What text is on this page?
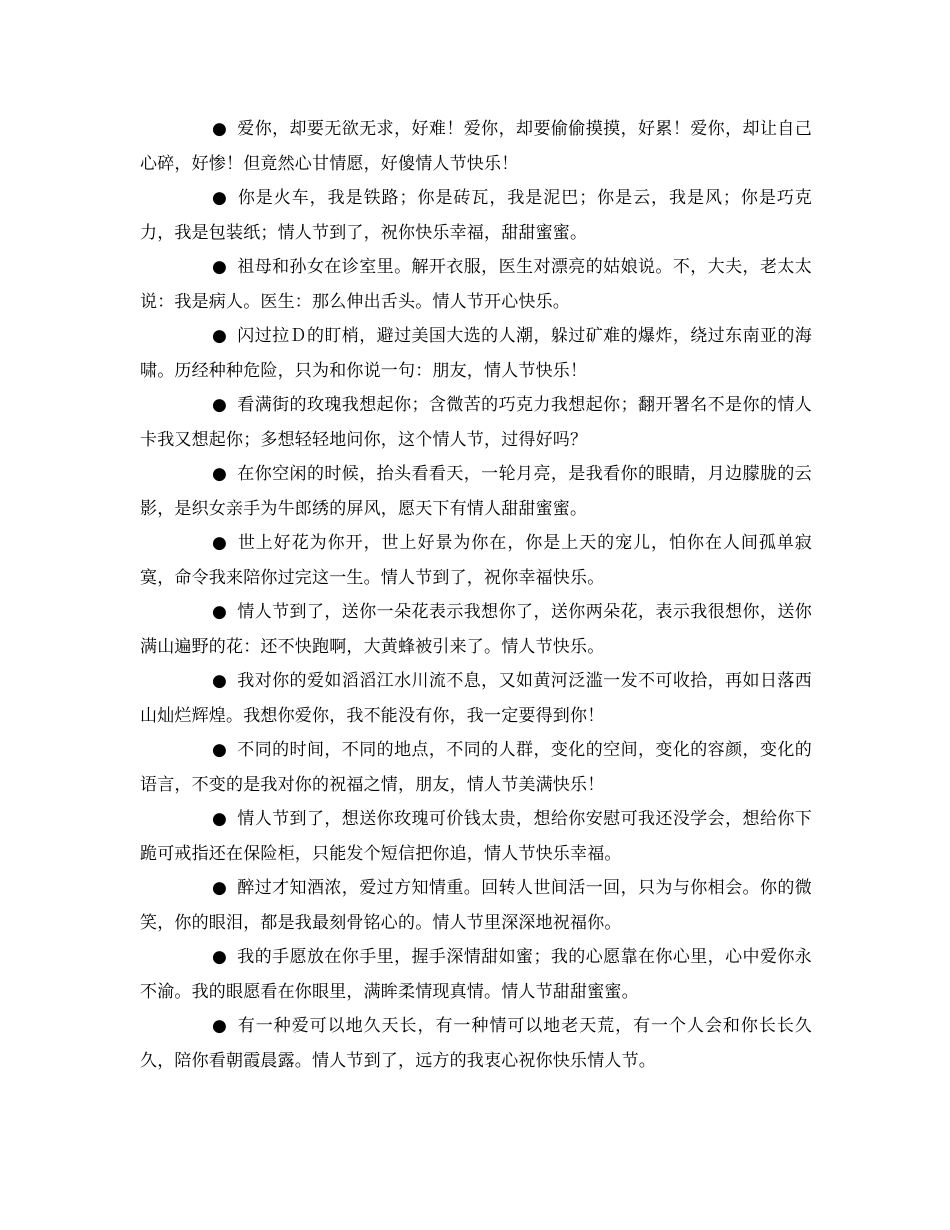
● 爱你，却要无欲无求，好难！爱你，却要偷偷摸摸，好累！爱你，却让自己心碎，好惨！但竟然心甘情愿，好傻情人节快乐！

● 你是火车，我是铁路；你是砖瓦，我是泥巴；你是云，我是风；你是巧克力，我是包装纸；情人节到了，祝你快乐幸福，甜甜蜜蜜。

● 祖母和孙女在诊室里。解开衣服，医生对漂亮的姑娘说。不，大夫，老太太说：我是病人。医生：那么伸出舌头。情人节开心快乐。

● 闪过拉Ｄ的盯梢，避过美国大选的人潮，躲过矿难的爆炸，绕过东南亚的海啸。历经种种危险，只为和你说一句：朋友，情人节快乐！

● 看满街的玫瑰我想起你；含微苦的巧克力我想起你；翻开署名不是你的情人卡我又想起你；多想轻轻地问你，这个情人节，过得好吗？

● 在你空闲的时候，抬头看看天，一轮月亮，是我看你的眼睛，月边朦胧的云影，是织女亲手为牛郎绣的屏风，愿天下有情人甜甜蜜蜜。

● 世上好花为你开，世上好景为你在，你是上天的宠儿，怕你在人间孤单寂寞，命令我来陪你过完这一生。情人节到了，祝你幸福快乐。

● 情人节到了，送你一朵花表示我想你了，送你两朵花，表示我很想你，送你满山遍野的花：还不快跑啊，大黄蜂被引来了。情人节快乐。

● 我对你的爱如滔滔江水川流不息，又如黄河泛滥一发不可收拾，再如日落西山灿烂辉煌。我想你爱你，我不能没有你，我一定要得到你！

● 不同的时间，不同的地点，不同的人群，变化的空间，变化的容颜，变化的语言，不变的是我对你的祝福之情，朋友，情人节美满快乐！

● 情人节到了，想送你玫瑰可价钱太贵，想给你安慰可我还没学会，想给你下跪可戒指还在保险柜，只能发个短信把你追，情人节快乐幸福。

● 醉过才知酒浓，爱过方知情重。回转人世间活一回，只为与你相会。你的微笑，你的眼泪，都是我最刻骨铭心的。情人节里深深地祝福你。

● 我的手愿放在你手里，握手深情甜如蜜；我的心愿靠在你心里，心中爱你永不渝。我的眼愿看在你眼里，满眸柔情现真情。情人节甜甜蜜蜜。

● 有一种爱可以地久天长，有一种情可以地老天荒，有一个人会和你长长久久，陪你看朝霞晨露。情人节到了，远方的我衷心祝你快乐情人节。
